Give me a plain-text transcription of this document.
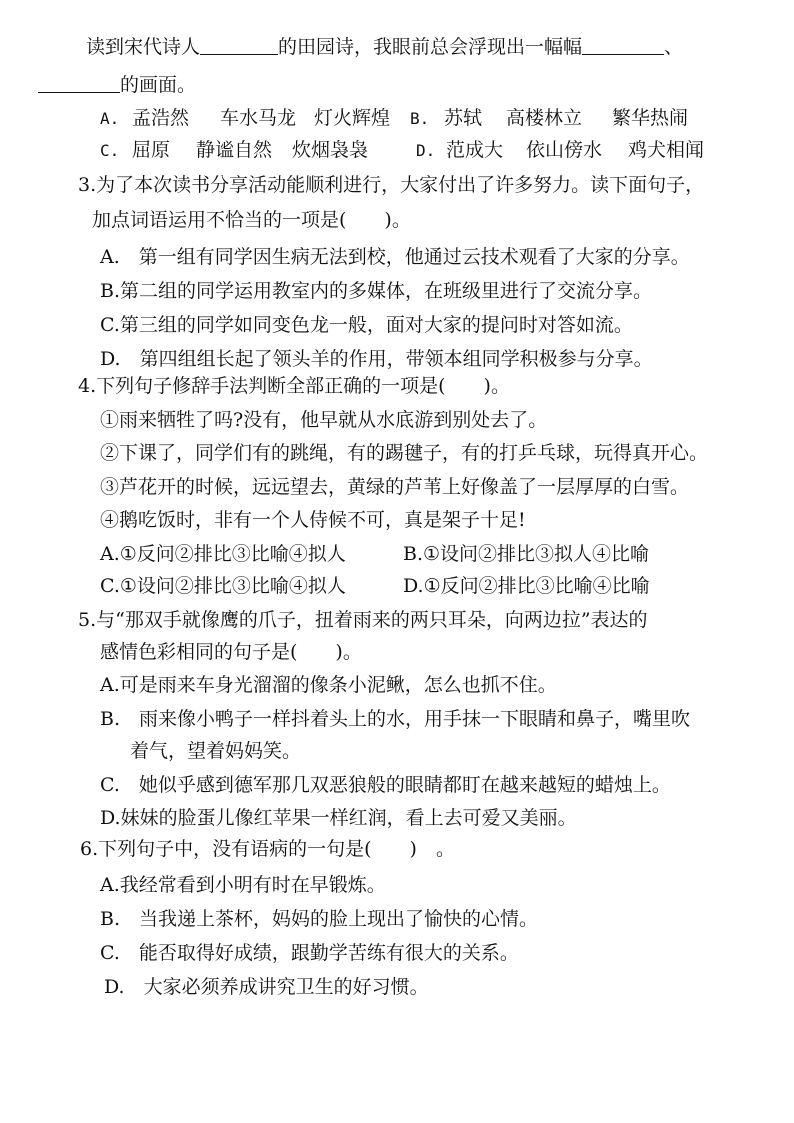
读到宋代诗人	的田园诗，我眼前总会浮现出一幅幅	、
的画面。
A. 孟浩然 车水马龙 灯火辉煌 B. 苏轼 高楼林立 繁华热闹
C. 屈原 静谧自然 炊烟袅袅	D. 范成大 依山傍水 鸡犬相闻
3.为了本次读书分享活动能顺利进行，大家付出了许多努力。读下面句子，
加点词语运用不恰当的一项是(　　)。
A.　第一组有同学因生病无法到校，他通过云技术观看了大家的分享。
B.第二组的同学运用教室内的多媒体，在班级里进行了交流分享。
C.第三组的同学如同变色龙一般，面对大家的提问时对答如流。
D.　第四组组长起了领头羊的作用，带领本组同学积极参与分享。
4.下列句子修辞手法判断全部正确的一项是(　　)。
①雨来牺牲了吗?没有，他早就从水底游到别处去了。
②下课了，同学们有的跳绳，有的踢毽子，有的打乒乓球，玩得真开心。
③芦花开的时候，远远望去，黄绿的芦苇上好像盖了一层厚厚的白雪。
④鹅吃饭时，非有一个人侍候不可，真是架子十足!
A.①反问②排比③比喻④拟人	B.①设问②排比③拟人④比喻
C.①设问②排比③比喻④拟人	D.①反问②排比③比喻④比喻
5.与“那双手就像鹰的爪子，扭着雨来的两只耳朵，向两边拉”表达的
感情色彩相同的句子是(　　)。
A.可是雨来车身光溜溜的像条小泥鳅，怎么也抓不住。
B.　雨来像小鸭子一样抖着头上的水，用手抹一下眼睛和鼻子，嘴里吹
着气，望着妈妈笑。
C.　她似乎感到德军那几双恶狼般的眼睛都盯在越来越短的蜡烛上。
D.妹妹的脸蛋儿像红苹果一样红润，看上去可爱又美丽。
6.下列句子中，没有语病的一句是(　　)　。
A.我经常看到小明有时在早锻炼。
B.　当我递上茶杯，妈妈的脸上现出了愉快的心情。
C.　能否取得好成绩，跟勤学苦练有很大的关系。
D.　大家必须养成讲究卫生的好习惯。
